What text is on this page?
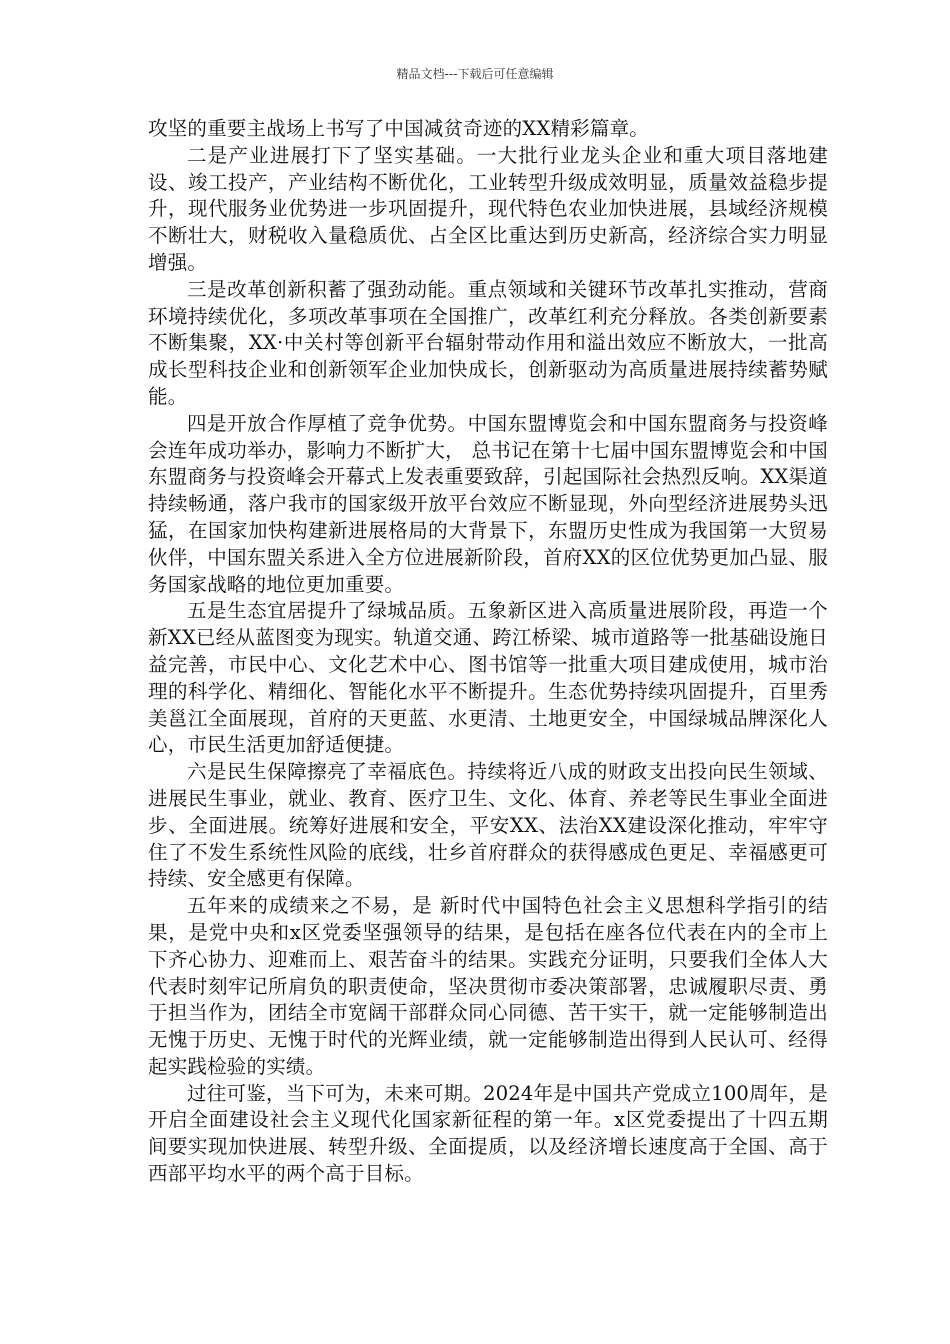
精品文档---下载后可任意编辑

攻坚的重要主战场上书写了中国减贫奇迹的XX精彩篇章。

二是产业进展打下了坚实基础。一大批行业龙头企业和重大项目落地建设、竣工投产，产业结构不断优化，工业转型升级成效明显，质量效益稳步提升，现代服务业优势进一步巩固提升，现代特色农业加快进展，县域经济规模不断壮大，财税收入量稳质优、占全区比重达到历史新高，经济综合实力明显增强。

三是改革创新积蓄了强劲动能。重点领域和关键环节改革扎实推动，营商环境持续优化，多项改革事项在全国推广，改革红利充分释放。各类创新要素不断集聚，XX·中关村等创新平台辐射带动作用和溢出效应不断放大，一批高成长型科技企业和创新领军企业加快成长，创新驱动为高质量进展持续蓄势赋能。

四是开放合作厚植了竞争优势。中国东盟博览会和中国东盟商务与投资峰会连年成功举办，影响力不断扩大， 总书记在第十七届中国东盟博览会和中国东盟商务与投资峰会开幕式上发表重要致辞，引起国际社会热烈反响。XX渠道持续畅通，落户我市的国家级开放平台效应不断显现，外向型经济进展势头迅猛，在国家加快构建新进展格局的大背景下，东盟历史性成为我国第一大贸易伙伴，中国东盟关系进入全方位进展新阶段，首府XX的区位优势更加凸显、服务国家战略的地位更加重要。

五是生态宜居提升了绿城品质。五象新区进入高质量进展阶段，再造一个新XX已经从蓝图变为现实。轨道交通、跨江桥梁、城市道路等一批基础设施日益完善，市民中心、文化艺术中心、图书馆等一批重大项目建成使用，城市治理的科学化、精细化、智能化水平不断提升。生态优势持续巩固提升，百里秀美邕江全面展现，首府的天更蓝、水更清、土地更安全，中国绿城品牌深化人心，市民生活更加舒适便捷。

六是民生保障擦亮了幸福底色。持续将近八成的财政支出投向民生领域、进展民生事业，就业、教育、医疗卫生、文化、体育、养老等民生事业全面进步、全面进展。统筹好进展和安全，平安XX、法治XX建设深化推动，牢牢守住了不发生系统性风险的底线，壮乡首府群众的获得感成色更足、幸福感更可持续、安全感更有保障。

五年来的成绩来之不易，是 新时代中国特色社会主义思想科学指引的结果，是党中央和x区党委坚强领导的结果，是包括在座各位代表在内的全市上下齐心协力、迎难而上、艰苦奋斗的结果。实践充分证明，只要我们全体人大代表时刻牢记所肩负的职责使命，坚决贯彻市委决策部署，忠诚履职尽责、勇于担当作为，团结全市宽阔干部群众同心同德、苦干实干，就一定能够制造出无愧于历史、无愧于时代的光辉业绩，就一定能够制造出得到人民认可、经得起实践检验的实绩。

过往可鉴，当下可为，未来可期。2024年是中国共产党成立100周年，是开启全面建设社会主义现代化国家新征程的第一年。x区党委提出了十四五期间要实现加快进展、转型升级、全面提质，以及经济增长速度高于全国、高于西部平均水平的两个高于目标。
